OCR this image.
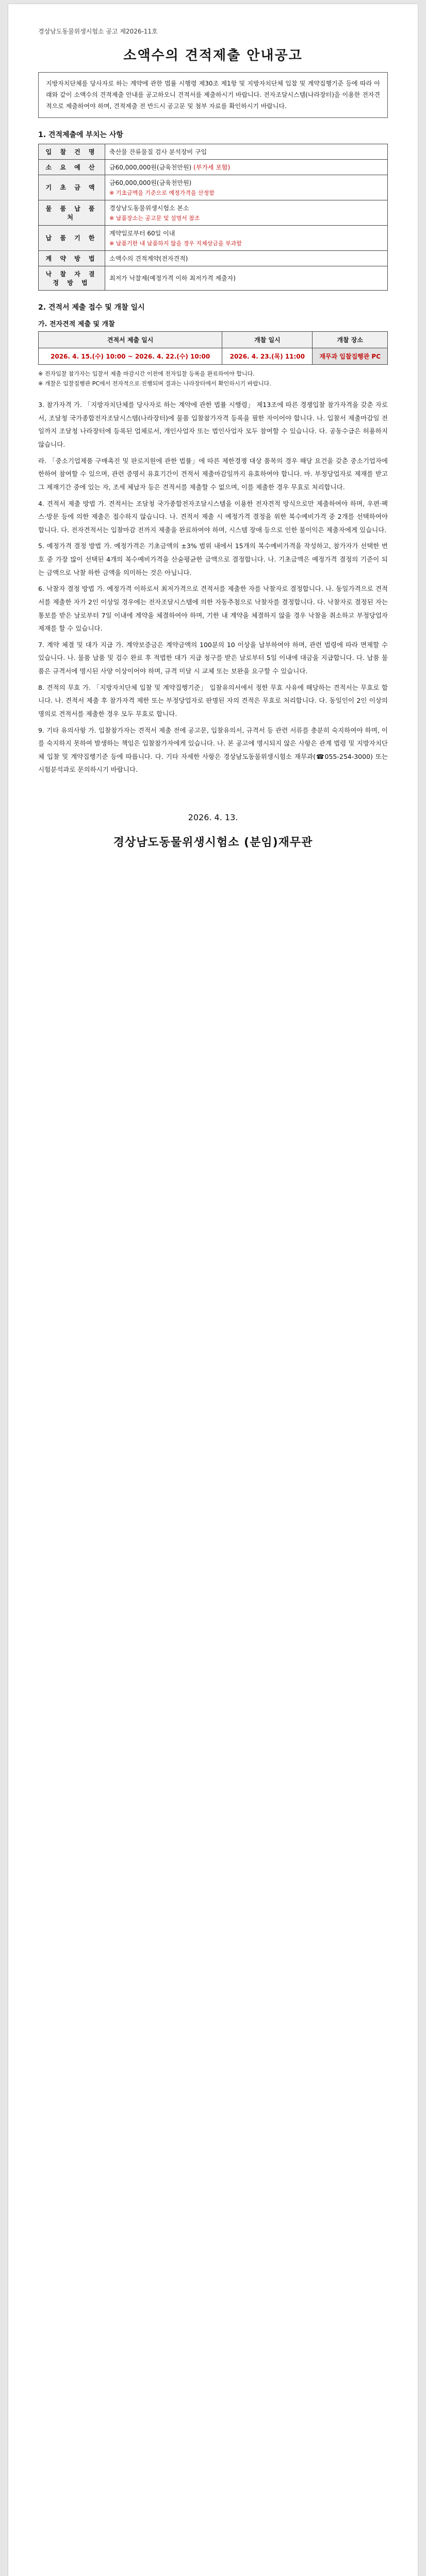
경상남도동물위생시험소 공고 제2026-11호
소액수의 견적제출 안내공고
지방자치단체를 당사자로 하는 계약에 관한 법률 시행령 제30조 제1항 및 지방자치단체 입찰 및 계약집행기준 등에 따라 아래와 같이 소액수의 견적제출 안내를 공고하오니 견적서를 제출하시기 바랍니다. 전자조달시스템(나라장터)을 이용한 전자견적으로 제출하여야 하며, 견적제출 전 반드시 공고문 및 첨부 자료를 확인하시기 바랍니다.
1. 견적제출에 부치는 사항
입 찰 건 명	축산물 잔류물질 검사 분석장비 구입
소 요 예 산	금60,000,000원(금육천만원) (부가세 포함)
기 초 금 액	금60,000,000원(금육천만원)
※ 기초금액을 기준으로 예정가격을 산정함

물 품 납 품 처	경상남도동물위생시험소 본소
※ 납품장소는 공고문 및 설명서 참조

납 품 기 한	계약일로부터 60일 이내
※ 납품기한 내 납품하지 않을 경우 지체상금을 부과함

계 약 방 법	소액수의 견적계약(전자견적)
낙 찰 자 결 정 방 법	최저가 낙찰제(예정가격 이하 최저가격 제출자)
2. 견적서 제출 접수 및 개찰 일시
가. 전자견적 제출 및 개찰
견적서 제출 일시	개찰 일시	개찰 장소
2026. 4. 15.(수) 10:00 ~ 2026. 4. 22.(수) 10:00	2026. 4. 23.(목) 11:00	재무과 입찰집행관 PC
※ 전자입찰 참가자는 입찰서 제출 마감시간 이전에 전자입찰 등록을 완료하여야 합니다.
※ 개찰은 입찰집행관 PC에서 전자적으로 진행되며 결과는 나라장터에서 확인하시기 바랍니다.

3. 참가자격 가. 「지방자치단체를 당사자로 하는 계약에 관한 법률 시행령」 제13조에 따른 경쟁입찰 참가자격을 갖춘 자로서, 조달청 국가종합전자조달시스템(나라장터)에 물품 입찰참가자격 등록을 필한 자이어야 합니다. 나. 입찰서 제출마감일 전일까지 조달청 나라장터에 등록된 업체로서, 개인사업자 또는 법인사업자 모두 참여할 수 있습니다. 다. 공동수급은 허용하지 않습니다.

라. 「중소기업제품 구매촉진 및 판로지원에 관한 법률」에 따른 제한경쟁 대상 품목의 경우 해당 요건을 갖춘 중소기업자에 한하여 참여할 수 있으며, 관련 증명서 유효기간이 견적서 제출마감일까지 유효하여야 합니다. 마. 부정당업자로 제재를 받고 그 제재기간 중에 있는 자, 조세 체납자 등은 견적서를 제출할 수 없으며, 이를 제출한 경우 무효로 처리합니다.

4. 견적서 제출 방법 가. 견적서는 조달청 국가종합전자조달시스템을 이용한 전자견적 방식으로만 제출하여야 하며, 우편·팩스·방문 등에 의한 제출은 접수하지 않습니다. 나. 견적서 제출 시 예정가격 결정을 위한 복수예비가격 중 2개를 선택하여야 합니다. 다. 전자견적서는 입찰마감 전까지 제출을 완료하여야 하며, 시스템 장애 등으로 인한 불이익은 제출자에게 있습니다.

5. 예정가격 결정 방법 가. 예정가격은 기초금액의 ±3% 범위 내에서 15개의 복수예비가격을 작성하고, 참가자가 선택한 번호 중 가장 많이 선택된 4개의 복수예비가격을 산술평균한 금액으로 결정합니다. 나. 기초금액은 예정가격 결정의 기준이 되는 금액으로 낙찰 하한 금액을 의미하는 것은 아닙니다.

6. 낙찰자 결정 방법 가. 예정가격 이하로서 최저가격으로 견적서를 제출한 자를 낙찰자로 결정합니다. 나. 동일가격으로 견적서를 제출한 자가 2인 이상일 경우에는 전자조달시스템에 의한 자동추첨으로 낙찰자를 결정합니다. 다. 낙찰자로 결정된 자는 통보를 받은 날로부터 7일 이내에 계약을 체결하여야 하며, 기한 내 계약을 체결하지 않을 경우 낙찰을 취소하고 부정당업자 제재를 할 수 있습니다.

7. 계약 체결 및 대가 지급 가. 계약보증금은 계약금액의 100분의 10 이상을 납부하여야 하며, 관련 법령에 따라 면제할 수 있습니다. 나. 물품 납품 및 검수 완료 후 적법한 대가 지급 청구를 받은 날로부터 5일 이내에 대금을 지급합니다. 다. 납품 물품은 규격서에 명시된 사양 이상이어야 하며, 규격 미달 시 교체 또는 보완을 요구할 수 있습니다.

8. 견적의 무효 가. 「지방자치단체 입찰 및 계약집행기준」 입찰유의서에서 정한 무효 사유에 해당하는 견적서는 무효로 합니다. 나. 견적서 제출 후 참가자격 제한 또는 부정당업자로 판명된 자의 견적은 무효로 처리합니다. 다. 동일인이 2인 이상의 명의로 견적서를 제출한 경우 모두 무효로 합니다.

9. 기타 유의사항 가. 입찰참가자는 견적서 제출 전에 공고문, 입찰유의서, 규격서 등 관련 서류를 충분히 숙지하여야 하며, 이를 숙지하지 못하여 발생하는 책임은 입찰참가자에게 있습니다. 나. 본 공고에 명시되지 않은 사항은 관계 법령 및 지방자치단체 입찰 및 계약집행기준 등에 따릅니다. 다. 기타 자세한 사항은 경상남도동물위생시험소 재무과(☎055-254-3000) 또는 시험분석과로 문의하시기 바랍니다.

2026. 4. 13.
경상남도동물위생시험소 (분임)재무관
